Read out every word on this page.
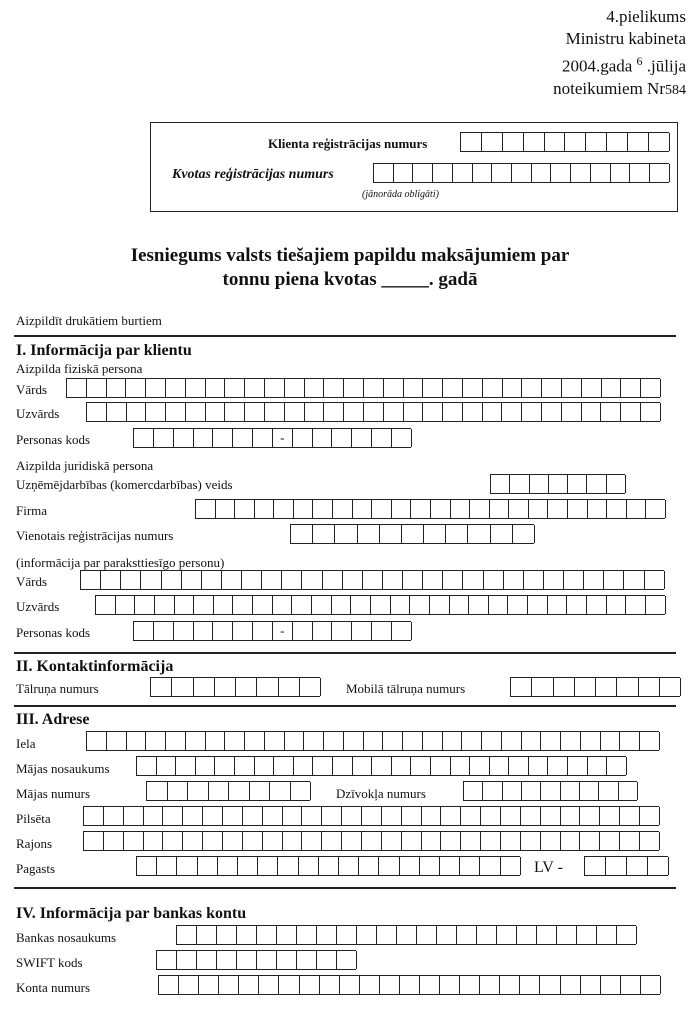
4.pielikums
Ministru kabineta
2004.gada $^6$ .jūlija
noteikumiem Nr584
Klienta reģistrācijas numurs
Kvotas reģistrācijas numurs
(jānorāda obligāti)
Iesniegums valsts tiešajiem papildu maksājumiem par
tonnu piena kvotas _____. gadā
Aizpildīt drukātiem burtiem
I. Informācija par klientu
Aizpilda fiziskā persona
Vārds
Uzvārds
Personas kods
-
Aizpilda juridiskā persona
Uzņēmējdarbības (komercdarbības) veids
Firma
Vienotais reģistrācijas numurs
(informācija par paraksttiesīgo personu)
Vārds
Uzvārds
Personas kods
-
II. Kontaktinformācija
Tālruņa numurs	Mobilā tālruņa numurs
III. Adrese
Iela
Mājas nosaukums
Mājas numurs	Dzīvokļa numurs
Pilsēta
Rajons
Pagasts	LV -
IV. Informācija par bankas kontu
Bankas nosaukums
SWIFT kods
Konta numurs
